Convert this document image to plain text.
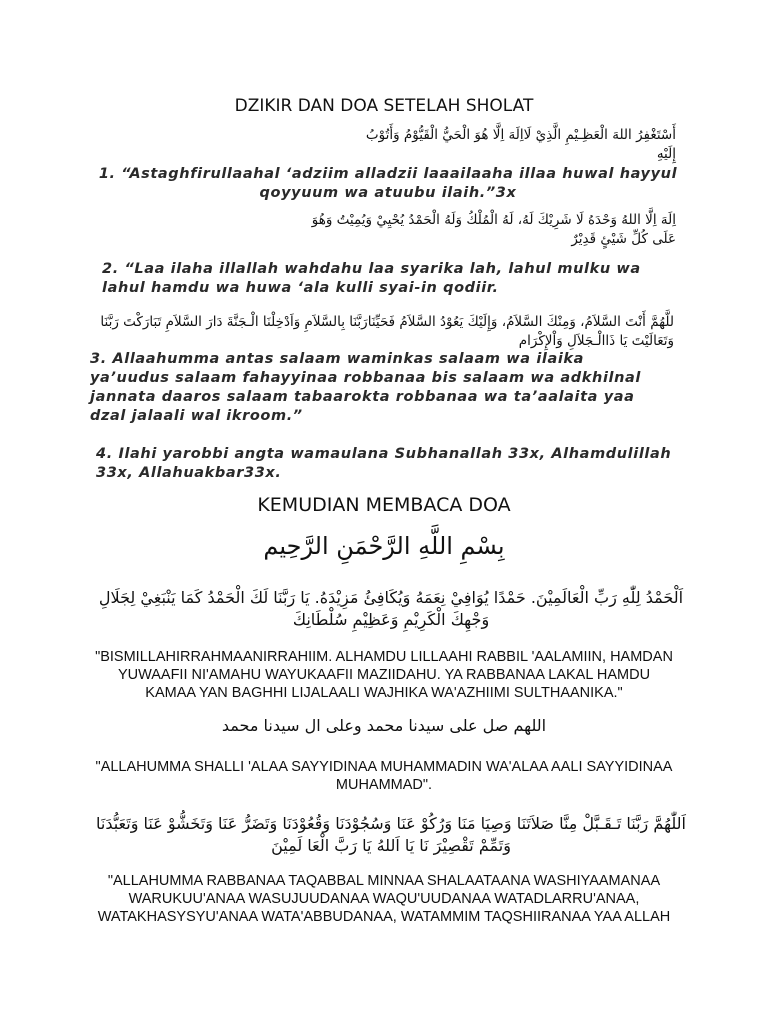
DZIKIR DAN DOA SETELAH SHOLAT
أَسْتَغْفِرُ اللهَ الْعَظِـيْمِ الَّذِيْ لَااِلَهَ اِلَّا هُوَ الْحَيُّ الْقَيُّوْمُ وَأَتُوْبُ إِلَيْهِ
1. “Astaghfirullaahal ‘adziim alladzii laaailaaha illaa huwal hayyul qoyyuum wa atuubu ilaih.”3x
اِلَهَ اِلَّا اللهُ وَحْدَهُ لَا شَرِيْكَ لَهُ، لَهُ الْمُلْكُ وَلَهُ الْحَمْدُ يُحْيِيْ وَيُمِيْتُ وَهُوَ عَلَى كُلِّ شَيْئٍ قَدِيْرٌ
2. “Laa ilaha illallah wahdahu laa syarika lah, lahul mulku wa lahul hamdu wa huwa ‘ala kulli syai-in qodiir.
للَّهُمَّ أَنْتَ السَّلاَمُ، وَمِنْكَ السَّلاَمُ، وَإِلَيْكَ يَعُوْدُ السَّلاَمُ فَحَيِّنَارَبَّنَا بِالسَّلاَمِ وَاَدْخِلْنَا الْـجَنَّةَ دَارَ السَّلاَمِ تَبَارَكْتَ رَبَّنَا وَتَعَالَيْتَ يَا ذَاالْـجَلاَلِ وَاْلإِكْرَام
3. Allaahumma antas salaam waminkas salaam wa ilaika ya’uudus salaam fahayyinaa robbanaa bis salaam wa adkhilnal jannata daaros salaam tabaarokta robbanaa wa ta’aalaita yaa dzal jalaali wal ikroom.”
4. Ilahi yarobbi angta wamaulana Subhanallah 33x, Alhamdulillah 33x, Allahuakbar33x.
KEMUDIAN MEMBACA DOA
بِسْمِ اللَّهِ الرَّحْمَنِ الرَّحِيم
اَلْحَمْدُ لِلّٰهِ رَبِّ الْعَالَمِيْنَ. حَمْدًا يُوَافِيْ نِعَمَهُ وَيُكَافِئُ مَزِيْدَهُ. يَا رَبَّنَا لَكَ الْحَمْدُ كَمَا يَنْبَغِيْ لِجَلَالِ وَجْهِكَ الْكَرِيْمِ وَعَظِيْمِ سُلْطَانِكَ
"BISMILLAHIRRAHMAANIRRAHIIM. ALHAMDU LILLAAHI RABBIL 'AALAMIIN, HAMDAN YUWAAFII NI'AMAHU WAYUKAAFII MAZIIDAHU. YA RABBANAA LAKAL HAMDU KAMAA YAN BAGHHI LIJALAALI WAJHIKA WA'AZHIIMI SULTHAANIKA."
اللهم صل على سيدنا محمد وعلى ال سيدنا محمد
"ALLAHUMMA SHALLI 'ALAA SAYYIDINAA MUHAMMADIN WA'ALAA AALI SAYYIDINAA MUHAMMAD".
اَللّٰهُمَّ رَبَّنَا تَـقَـبَّلْ مِنَّا صَلاَتَنَا وَصِيَا مَنَا وَرُكُوْ عَنَا وَسُجُوْدَنَا وَقُعُوْدَنَا وَتَضَرُّ عَنَا وَتَخَشُّوْ عَنَا وَتَعَبُّدَنَا وَتَمِّمْ تَقْصِيْرَ نَا يَا اَللهُ يَا رَبَّ الْعَا لَمِيْنَ
"ALLAHUMMA RABBANAA TAQABBAL MINNAA SHALAATAANA WASHIYAAMANAA WARUKUU'ANAA WASUJUUDANAA WAQU'UUDANAA WATADLARRU'ANAA, WATAKHASYSYU'ANAA WATA'ABBUDANAA, WATAMMIM TAQSHIIRANAA YAA ALLAH
